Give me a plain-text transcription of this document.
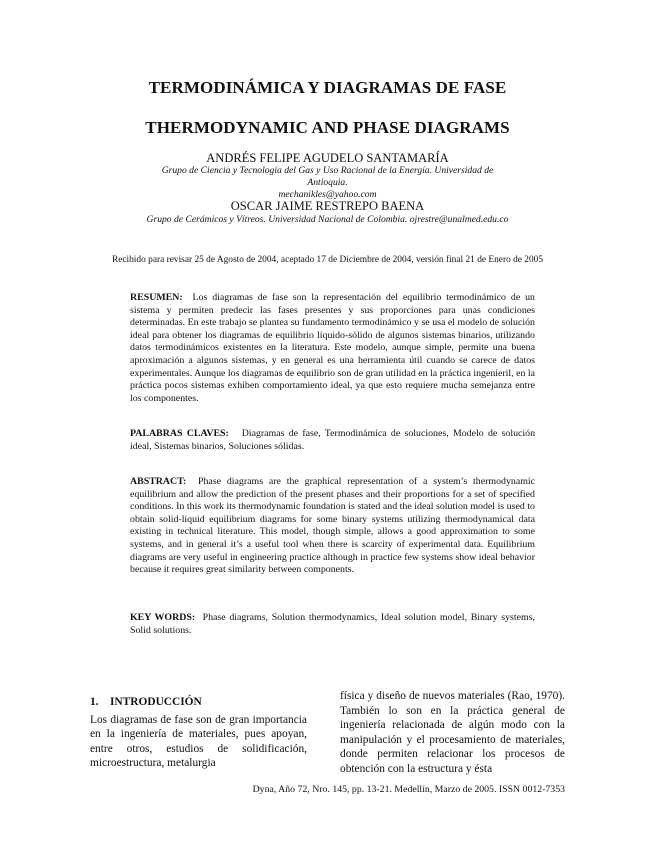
TERMODINÁMICA Y DIAGRAMAS DE FASE
THERMODYNAMIC AND PHASE DIAGRAMS
ANDRÉS FELIPE AGUDELO SANTAMARÍA
Grupo de Ciencia y Tecnología del Gas y Uso Racional de la Energía. Universidad de Antioquia.
mechanikles@yahoo.com
OSCAR JAIME RESTREPO BAENA
Grupo de Cerámicos y Vítreos. Universidad Nacional de Colombia. ojrestre@unalmed.edu.co
Recibido para revisar 25 de Agosto de 2004, aceptado 17 de Diciembre de 2004, versión final 21 de Enero de 2005
RESUMEN: Los diagramas de fase son la representación del equilibrio termodinámico de un sistema y permiten predecir las fases presentes y sus proporciones para unas condiciones determinadas. En este trabajo se plantea su fundamento termodinámico y se usa el modelo de solución ideal para obtener los diagramas de equilibrio líquido-sólido de algunos sistemas binarios, utilizando datos termodinámicos existentes en la literatura. Este modelo, aunque simple, permite una buena aproximación a algunos sistemas, y en general es una herramienta útil cuando se carece de datos experimentales. Aunque los diagramas de equilibrio son de gran utilidad en la práctica ingenieril, en la práctica pocos sistemas exhiben comportamiento ideal, ya que esto requiere mucha semejanza entre los componentes.
PALABRAS CLAVES: Diagramas de fase, Termodinámica de soluciones, Modelo de solución ideal, Sistemas binarios, Soluciones sólidas.
ABSTRACT: Phase diagrams are the graphical representation of a system’s thermodynamic equilibrium and allow the prediction of the present phases and their proportions for a set of specified conditions. In this work its thermodynamic foundation is stated and the ideal solution model is used to obtain solid-liquid equilibrium diagrams for some binary systems utilizing thermodynamical data existing in technical literature. This model, though simple, allows a good approximation to some systems, and in general it’s a useful tool when there is scarcity of experimental data. Equilibrium diagrams are very useful in engineering practice although in practice few systems show ideal behavior because it requires great similarity between components.
KEY WORDS: Phase diagrams, Solution thermodynamics, Ideal solution model, Binary systems, Solid solutions.
1. INTRODUCCIÓN
Los diagramas de fase son de gran importancia en la ingeniería de materiales, pues apoyan, entre otros, estudios de solidificación, microestructura, metalurgia
física y diseño de nuevos materiales (Rao, 1970). También lo son en la práctica general de ingeniería relacionada de algún modo con la manipulación y el procesamiento de materiales, donde permiten relacionar los procesos de obtención con la estructura y ésta
Dyna, Año 72, Nro. 145, pp. 13-21. Medellín, Marzo de 2005. ISSN 0012-7353
